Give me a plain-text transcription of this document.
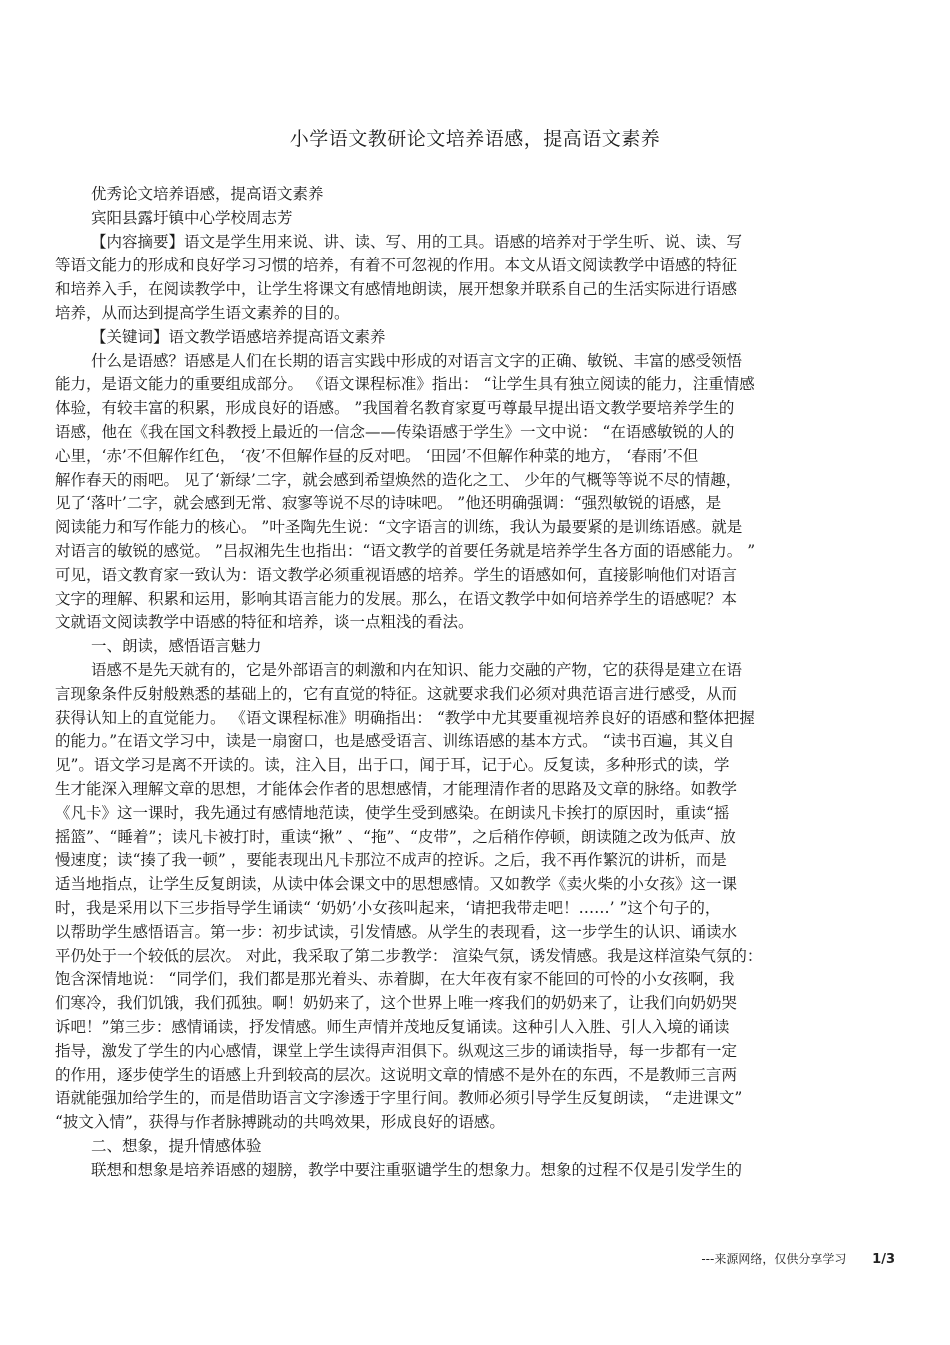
小学语文教研论文培养语感，提高语文素养
优秀论文培养语感，提高语文素养
宾阳县露圩镇中心学校周志芳
【内容摘要】语文是学生用来说、讲、读、写、用的工具。语感的培养对于学生听、说、读、写
等语文能力的形成和良好学习习惯的培养，有着不可忽视的作用。本文从语文阅读教学中语感的特征
和培养入手，在阅读教学中，让学生将课文有感情地朗读，展开想象并联系自己的生活实际进行语感
培养，从而达到提高学生语文素养的目的。
【关键词】语文教学语感培养提高语文素养
什么是语感？语感是人们在长期的语言实践中形成的对语言文字的正确、敏锐、丰富的感受领悟
能力，是语文能力的重要组成部分。 《语文课程标准》指出： “让学生具有独立阅读的能力，注重情感
体验，有较丰富的积累，形成良好的语感。 ”我国着名教育家夏丏尊最早提出语文教学要培养学生的
语感，他在《我在国文科教授上最近的一信念——传染语感于学生》一文中说： “在语感敏锐的人的
心里，‘赤’不但解作红色， ‘夜’不但解作昼的反对吧。 ‘田园’不但解作种菜的地方， ‘春雨’不但
解作春天的雨吧。 见了‘新绿’二字，就会感到希望焕然的造化之工、 少年的气概等等说不尽的情趣，
见了‘落叶’二字，就会感到无常、寂寥等说不尽的诗味吧。 ”他还明确强调：“强烈敏锐的语感，是
阅读能力和写作能力的核心。 ”叶圣陶先生说：“文字语言的训练，我认为最要紧的是训练语感。就是
对语言的敏锐的感觉。 ”吕叔湘先生也指出：“语文教学的首要任务就是培养学生各方面的语感能力。 ”
可见，语文教育家一致认为：语文教学必须重视语感的培养。学生的语感如何，直接影响他们对语言
文字的理解、积累和运用，影响其语言能力的发展。那么，在语文教学中如何培养学生的语感呢？本
文就语文阅读教学中语感的特征和培养，谈一点粗浅的看法。
一、朗读，感悟语言魅力
语感不是先天就有的，它是外部语言的刺激和内在知识、能力交融的产物，它的获得是建立在语
言现象条件反射般熟悉的基础上的，它有直觉的特征。这就要求我们必须对典范语言进行感受，从而
获得认知上的直觉能力。 《语文课程标准》明确指出： “教学中尤其要重视培养良好的语感和整体把握
的能力。”在语文学习中，读是一扇窗口，也是感受语言、训练语感的基本方式。 “读书百遍，其义自
见”。语文学习是离不开读的。读，注入目，出于口，闻于耳，记于心。反复读，多种形式的读，学
生才能深入理解文章的思想，才能体会作者的思想感情，才能理清作者的思路及文章的脉络。如教学
《凡卡》这一课时，我先通过有感情地范读，使学生受到感染。在朗读凡卡挨打的原因时，重读“摇
摇篮”、“睡着”；读凡卡被打时，重读“揪” 、“拖”、“皮带”，之后稍作停顿，朗读随之改为低声、放
慢速度；读“揍了我一顿” ，要能表现出凡卡那泣不成声的控诉。之后，我不再作繁沉的讲析，而是
适当地指点，让学生反复朗读，从读中体会课文中的思想感情。又如教学《卖火柴的小女孩》这一课
时，我是采用以下三步指导学生诵读“ ‘奶奶’小女孩叫起来，‘请把我带走吧！……’ ”这个句子的，
以帮助学生感悟语言。第一步：初步试读，引发情感。从学生的表现看，这一步学生的认识、诵读水
平仍处于一个较低的层次。 对此，我采取了第二步教学： 渲染气氛，诱发情感。我是这样渲染气氛的：
饱含深情地说： “同学们，我们都是那光着头、赤着脚，在大年夜有家不能回的可怜的小女孩啊，我
们寒冷，我们饥饿，我们孤独。啊！奶奶来了，这个世界上唯一疼我们的奶奶来了，让我们向奶奶哭
诉吧！”第三步：感情诵读，抒发情感。师生声情并茂地反复诵读。这种引人入胜、引人入境的诵读
指导，激发了学生的内心感情，课堂上学生读得声泪俱下。纵观这三步的诵读指导，每一步都有一定
的作用，逐步使学生的语感上升到较高的层次。这说明文章的情感不是外在的东西，不是教师三言两
语就能强加给学生的，而是借助语言文字渗透于字里行间。教师必须引导学生反复朗读， “走进课文”
“披文入情”，获得与作者脉搏跳动的共鸣效果，形成良好的语感。
二、想象，提升情感体验
联想和想象是培养语感的翅膀，教学中要注重驱谴学生的想象力。想象的过程不仅是引发学生的
---来源网络，仅供分享学习 1/3
